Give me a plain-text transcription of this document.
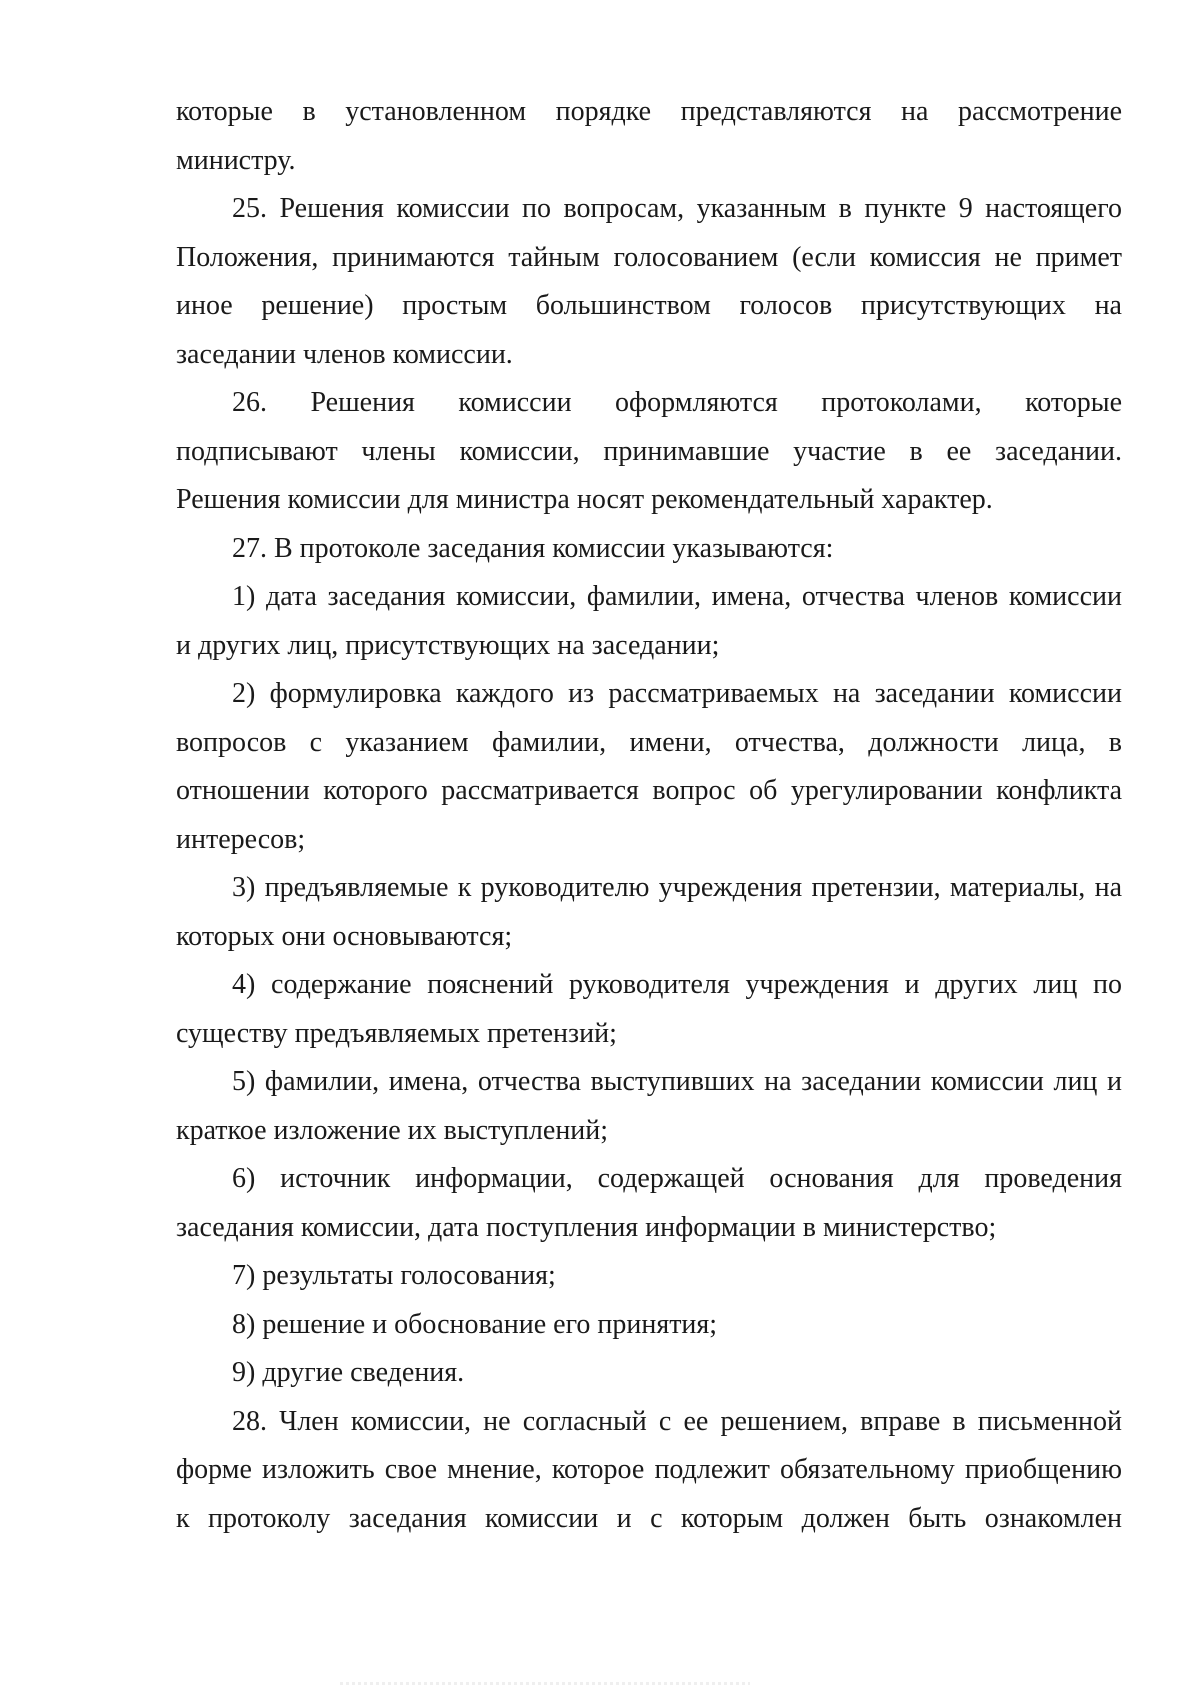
которые в установленном порядке представляются на рассмотрение
министру.
25. Решения комиссии по вопросам, указанным в пункте 9 настоящего
Положения, принимаются тайным голосованием (если комиссия не примет
иное решение) простым большинством голосов присутствующих на
заседании членов комиссии.
26. Решения комиссии оформляются протоколами, которые
подписывают члены комиссии, принимавшие участие в ее заседании.
Решения комиссии для министра носят рекомендательный характер.
27. В протоколе заседания комиссии указываются:
1) дата заседания комиссии, фамилии, имена, отчества членов комиссии
и других лиц, присутствующих на заседании;
2) формулировка каждого из рассматриваемых на заседании комиссии
вопросов с указанием фамилии, имени, отчества, должности лица, в
отношении которого рассматривается вопрос об урегулировании конфликта
интересов;
3) предъявляемые к руководителю учреждения претензии, материалы, на
которых они основываются;
4) содержание пояснений руководителя учреждения и других лиц по
существу предъявляемых претензий;
5) фамилии, имена, отчества выступивших на заседании комиссии лиц и
краткое изложение их выступлений;
6) источник информации, содержащей основания для проведения
заседания комиссии, дата поступления информации в министерство;
7) результаты голосования;
8) решение и обоснование его принятия;
9) другие сведения.
28. Член комиссии, не согласный с ее решением, вправе в письменной
форме изложить свое мнение, которое подлежит обязательному приобщению
к протоколу заседания комиссии и с которым должен быть ознакомлен
